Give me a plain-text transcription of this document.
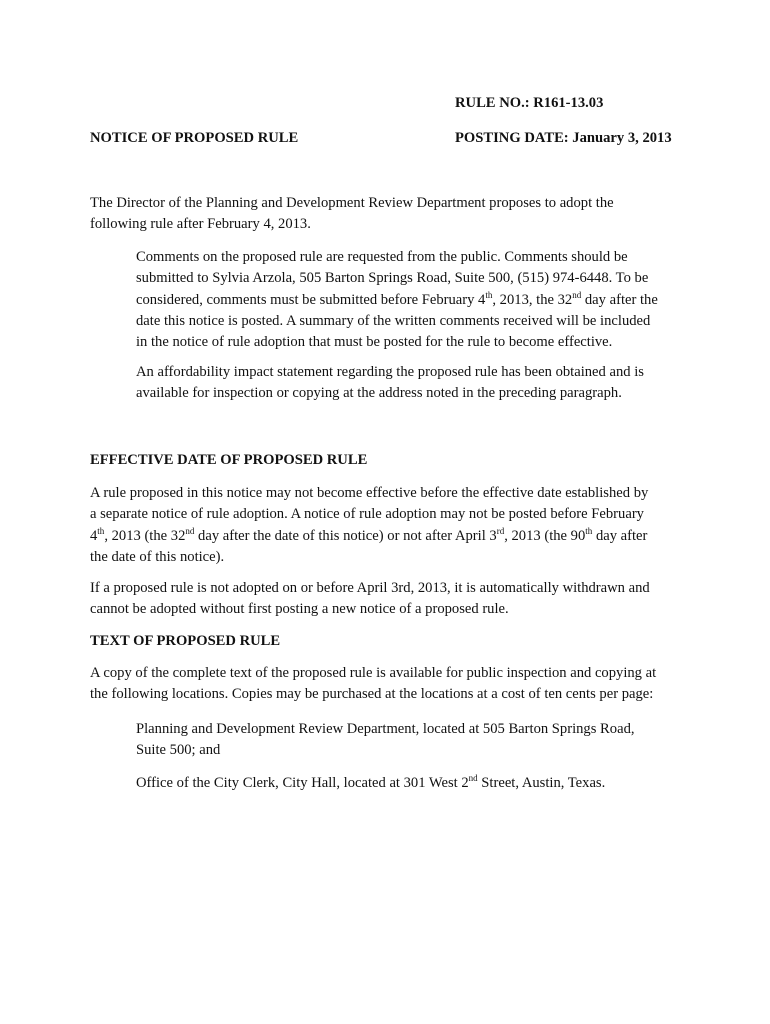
RULE NO.: R161-13.03
NOTICE OF PROPOSED RULE	POSTING DATE: January 3, 2013
The Director of the Planning and Development Review Department proposes to adopt the
following rule after February 4, 2013.
Comments on the proposed rule are requested from the public. Comments should be
submitted to Sylvia Arzola, 505 Barton Springs Road, Suite 500, (515) 974-6448. To be
considered, comments must be submitted before February 4th, 2013, the 32nd day after the
date this notice is posted. A summary of the written comments received will be included
in the notice of rule adoption that must be posted for the rule to become effective.
An affordability impact statement regarding the proposed rule has been obtained and is
available for inspection or copying at the address noted in the preceding paragraph.
EFFECTIVE DATE OF PROPOSED RULE
A rule proposed in this notice may not become effective before the effective date established by
a separate notice of rule adoption. A notice of rule adoption may not be posted before February
4th, 2013 (the 32nd day after the date of this notice) or not after April 3rd, 2013 (the 90th day after
the date of this notice).
If a proposed rule is not adopted on or before April 3rd, 2013, it is automatically withdrawn and
cannot be adopted without first posting a new notice of a proposed rule.
TEXT OF PROPOSED RULE
A copy of the complete text of the proposed rule is available for public inspection and copying at
the following locations. Copies may be purchased at the locations at a cost of ten cents per page:
Planning and Development Review Department, located at 505 Barton Springs Road,
Suite 500; and
Office of the City Clerk, City Hall, located at 301 West 2nd Street, Austin, Texas.
